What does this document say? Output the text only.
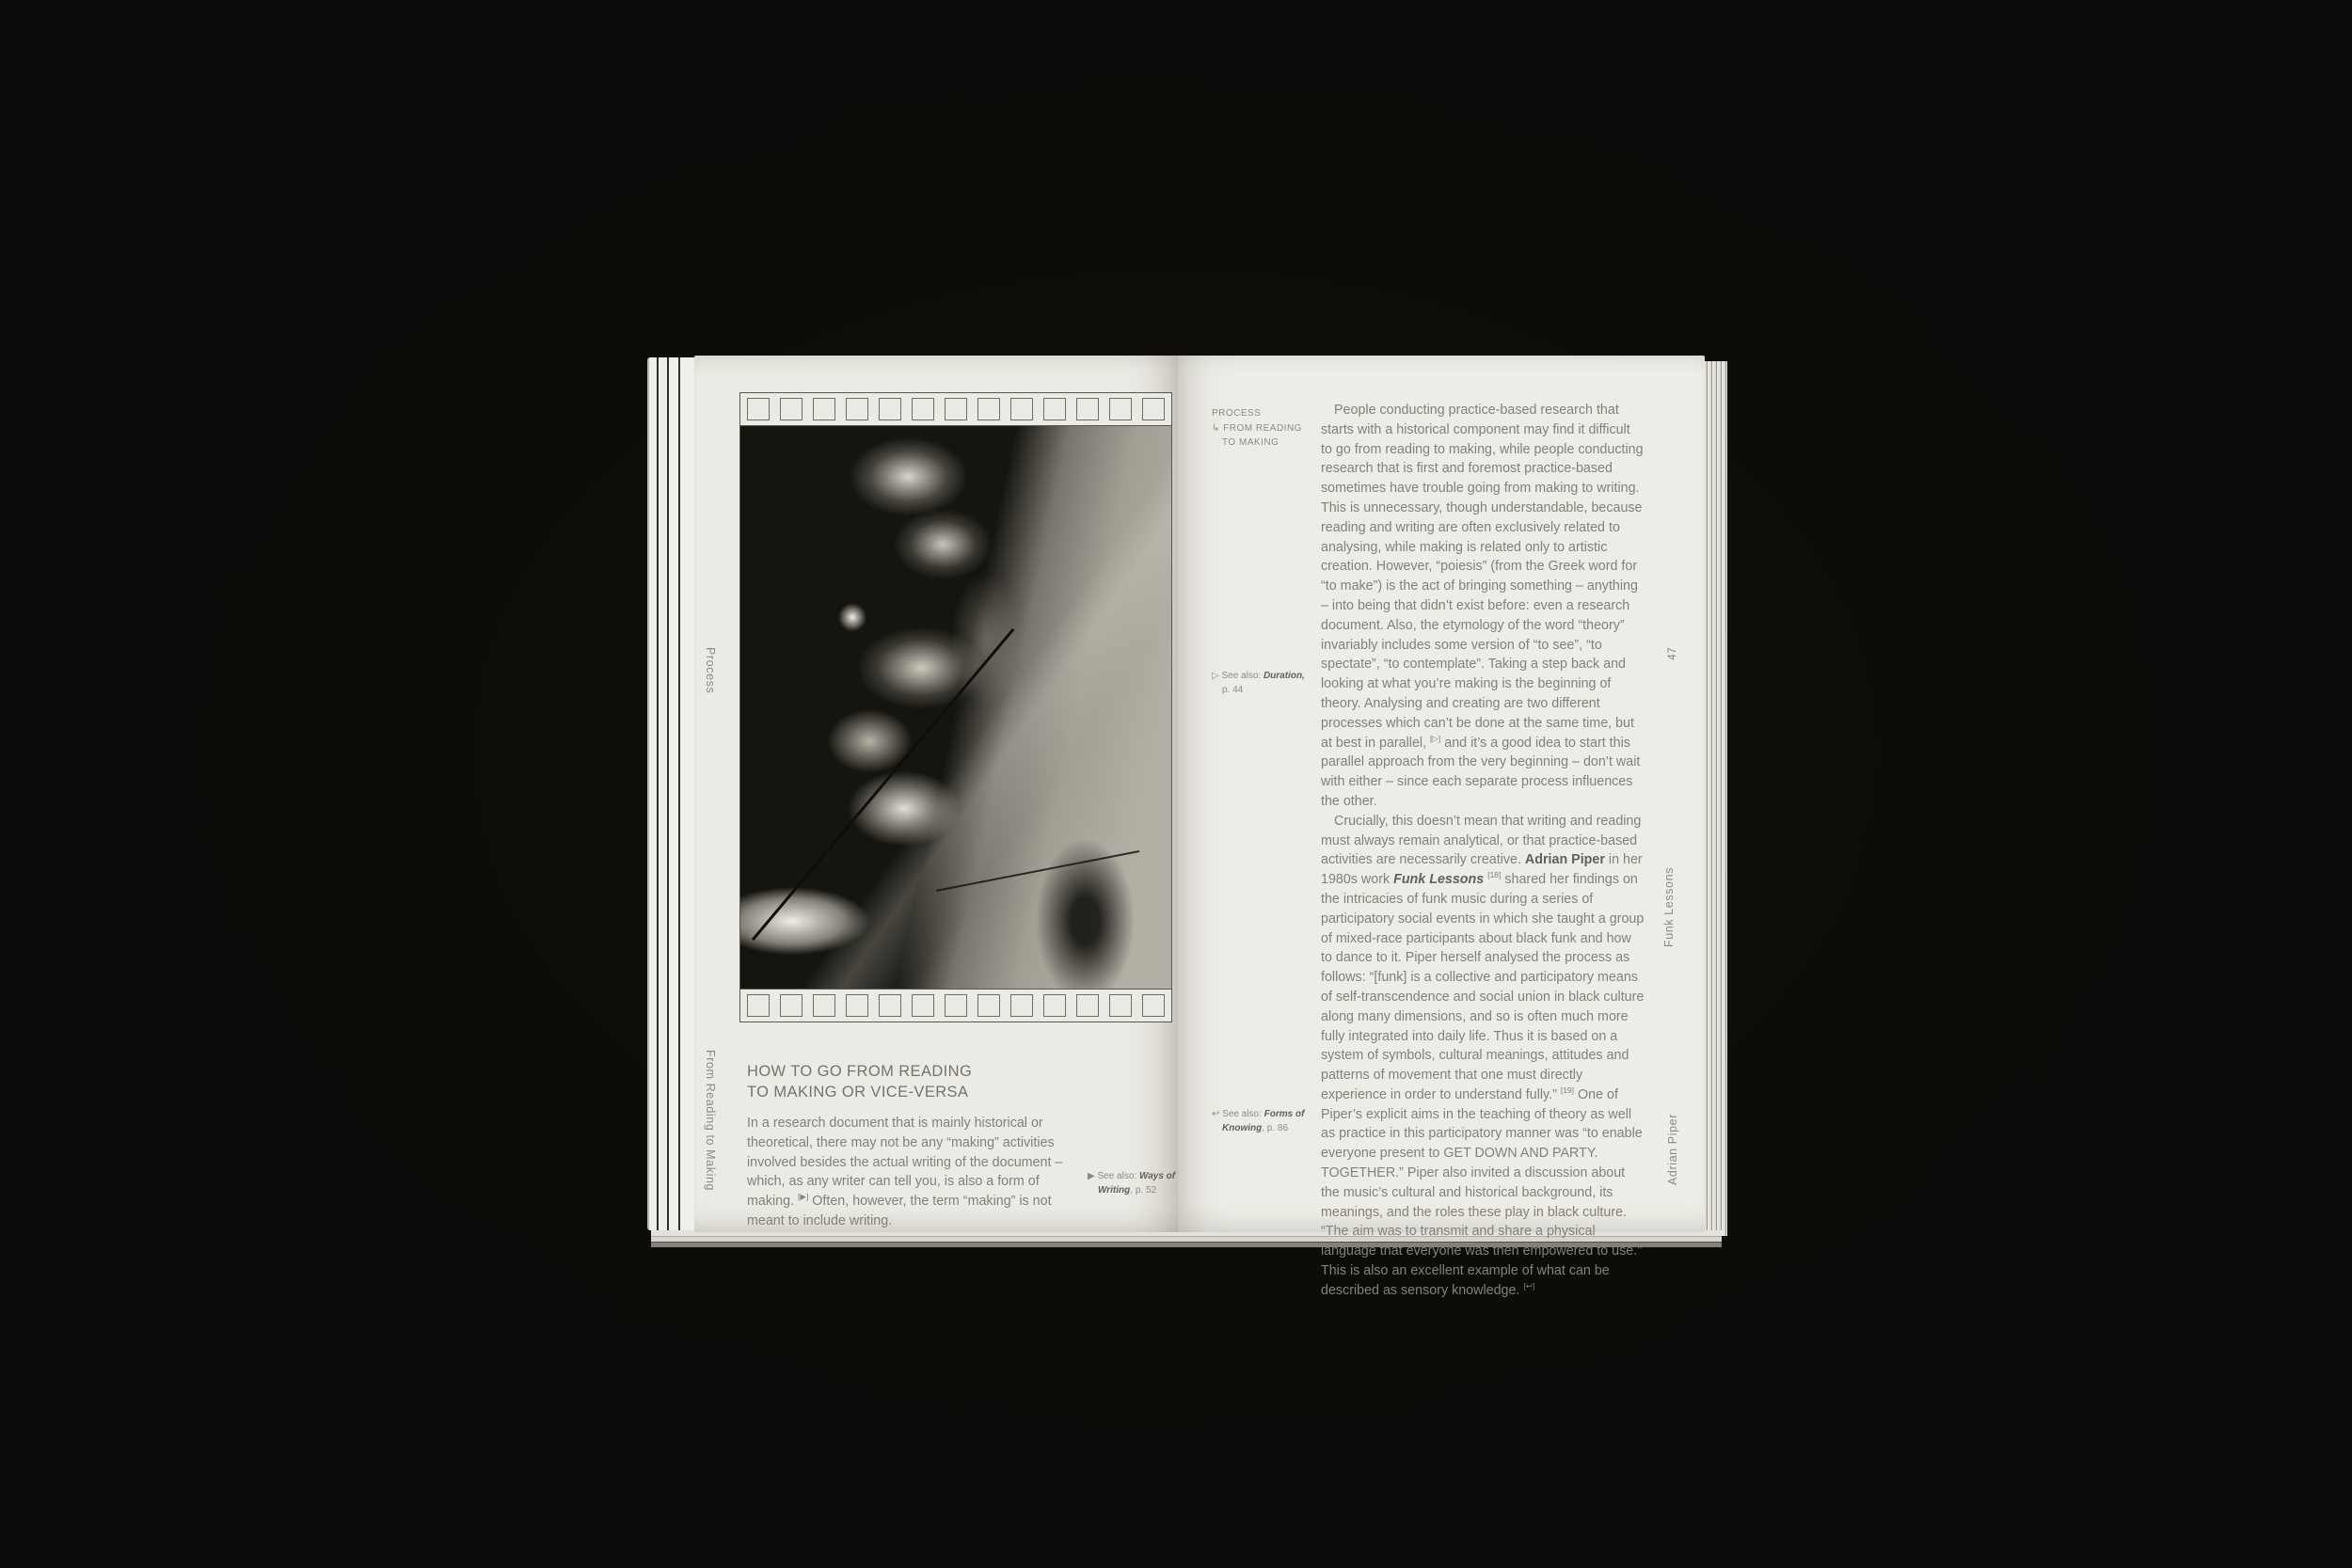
Process
From Reading to Making HOW TO GO FROM READING
TO MAKING OR VICE-VERSA
In a research document that is mainly historical or theoretical, there may not be any “making” activities involved besides the actual writing of the document – which, as any writer can tell you, is also a form of making. [▶] Often, however, the term “making” is not meant to include writing.
▶ See also: Ways of
Writing, p. 52
PROCESS
↳ FROM READING
TO MAKING
▷ See also: Duration,
p. 44
↩ See also: Forms of
Knowing, p. 86

People conducting practice-based research that starts with a historical component may find it difficult to go from reading to making, while people conducting research that is first and foremost practice-based sometimes have trouble going from making to writing. This is unnecessary, though understandable, because reading and writing are often exclusively related to analysing, while making is related only to artistic creation. However, “poiesis” (from the Greek word for “to make”) is the act of bringing something – anything – into being that didn’t exist before: even a research document. Also, the etymology of the word “theory” invariably includes some version of “to see”, “to spectate”, “to contemplate”. Taking a step back and looking at what you’re making is the beginning of theory. Analysing and creating are two different processes which can’t be done at the same time, but at best in parallel, [▷] and it’s a good idea to start this parallel approach from the very beginning – don’t wait with either – since each separate process influences the other.

Crucially, this doesn’t mean that writing and reading must always remain analytical, or that practice-based activities are necessarily creative. Adrian Piper in her 1980s work Funk Lessons [18] shared her findings on the intricacies of funk music during a series of participatory social events in which she taught a group of mixed-race participants about black funk and how to dance to it. Piper herself analysed the process as follows: “[funk] is a collective and participatory means of self-transcendence and social union in black culture along many dimensions, and so is often much more fully integrated into daily life. Thus it is based on a system of symbols, cultural meanings, attitudes and patterns of movement that one must directly experience in order to understand fully.” [19] One of Piper’s explicit aims in the teaching of theory as well as practice in this participatory manner was “to enable everyone present to GET DOWN AND PARTY. TOGETHER.” Piper also invited a discussion about the music’s cultural and historical background, its meanings, and the roles these play in black culture. “The aim was to transmit and share a physical language that everyone was then empowered to use.” This is also an excellent example of what can be described as sensory knowledge. [↩]

47
Funk Lessons
Adrian Piper
